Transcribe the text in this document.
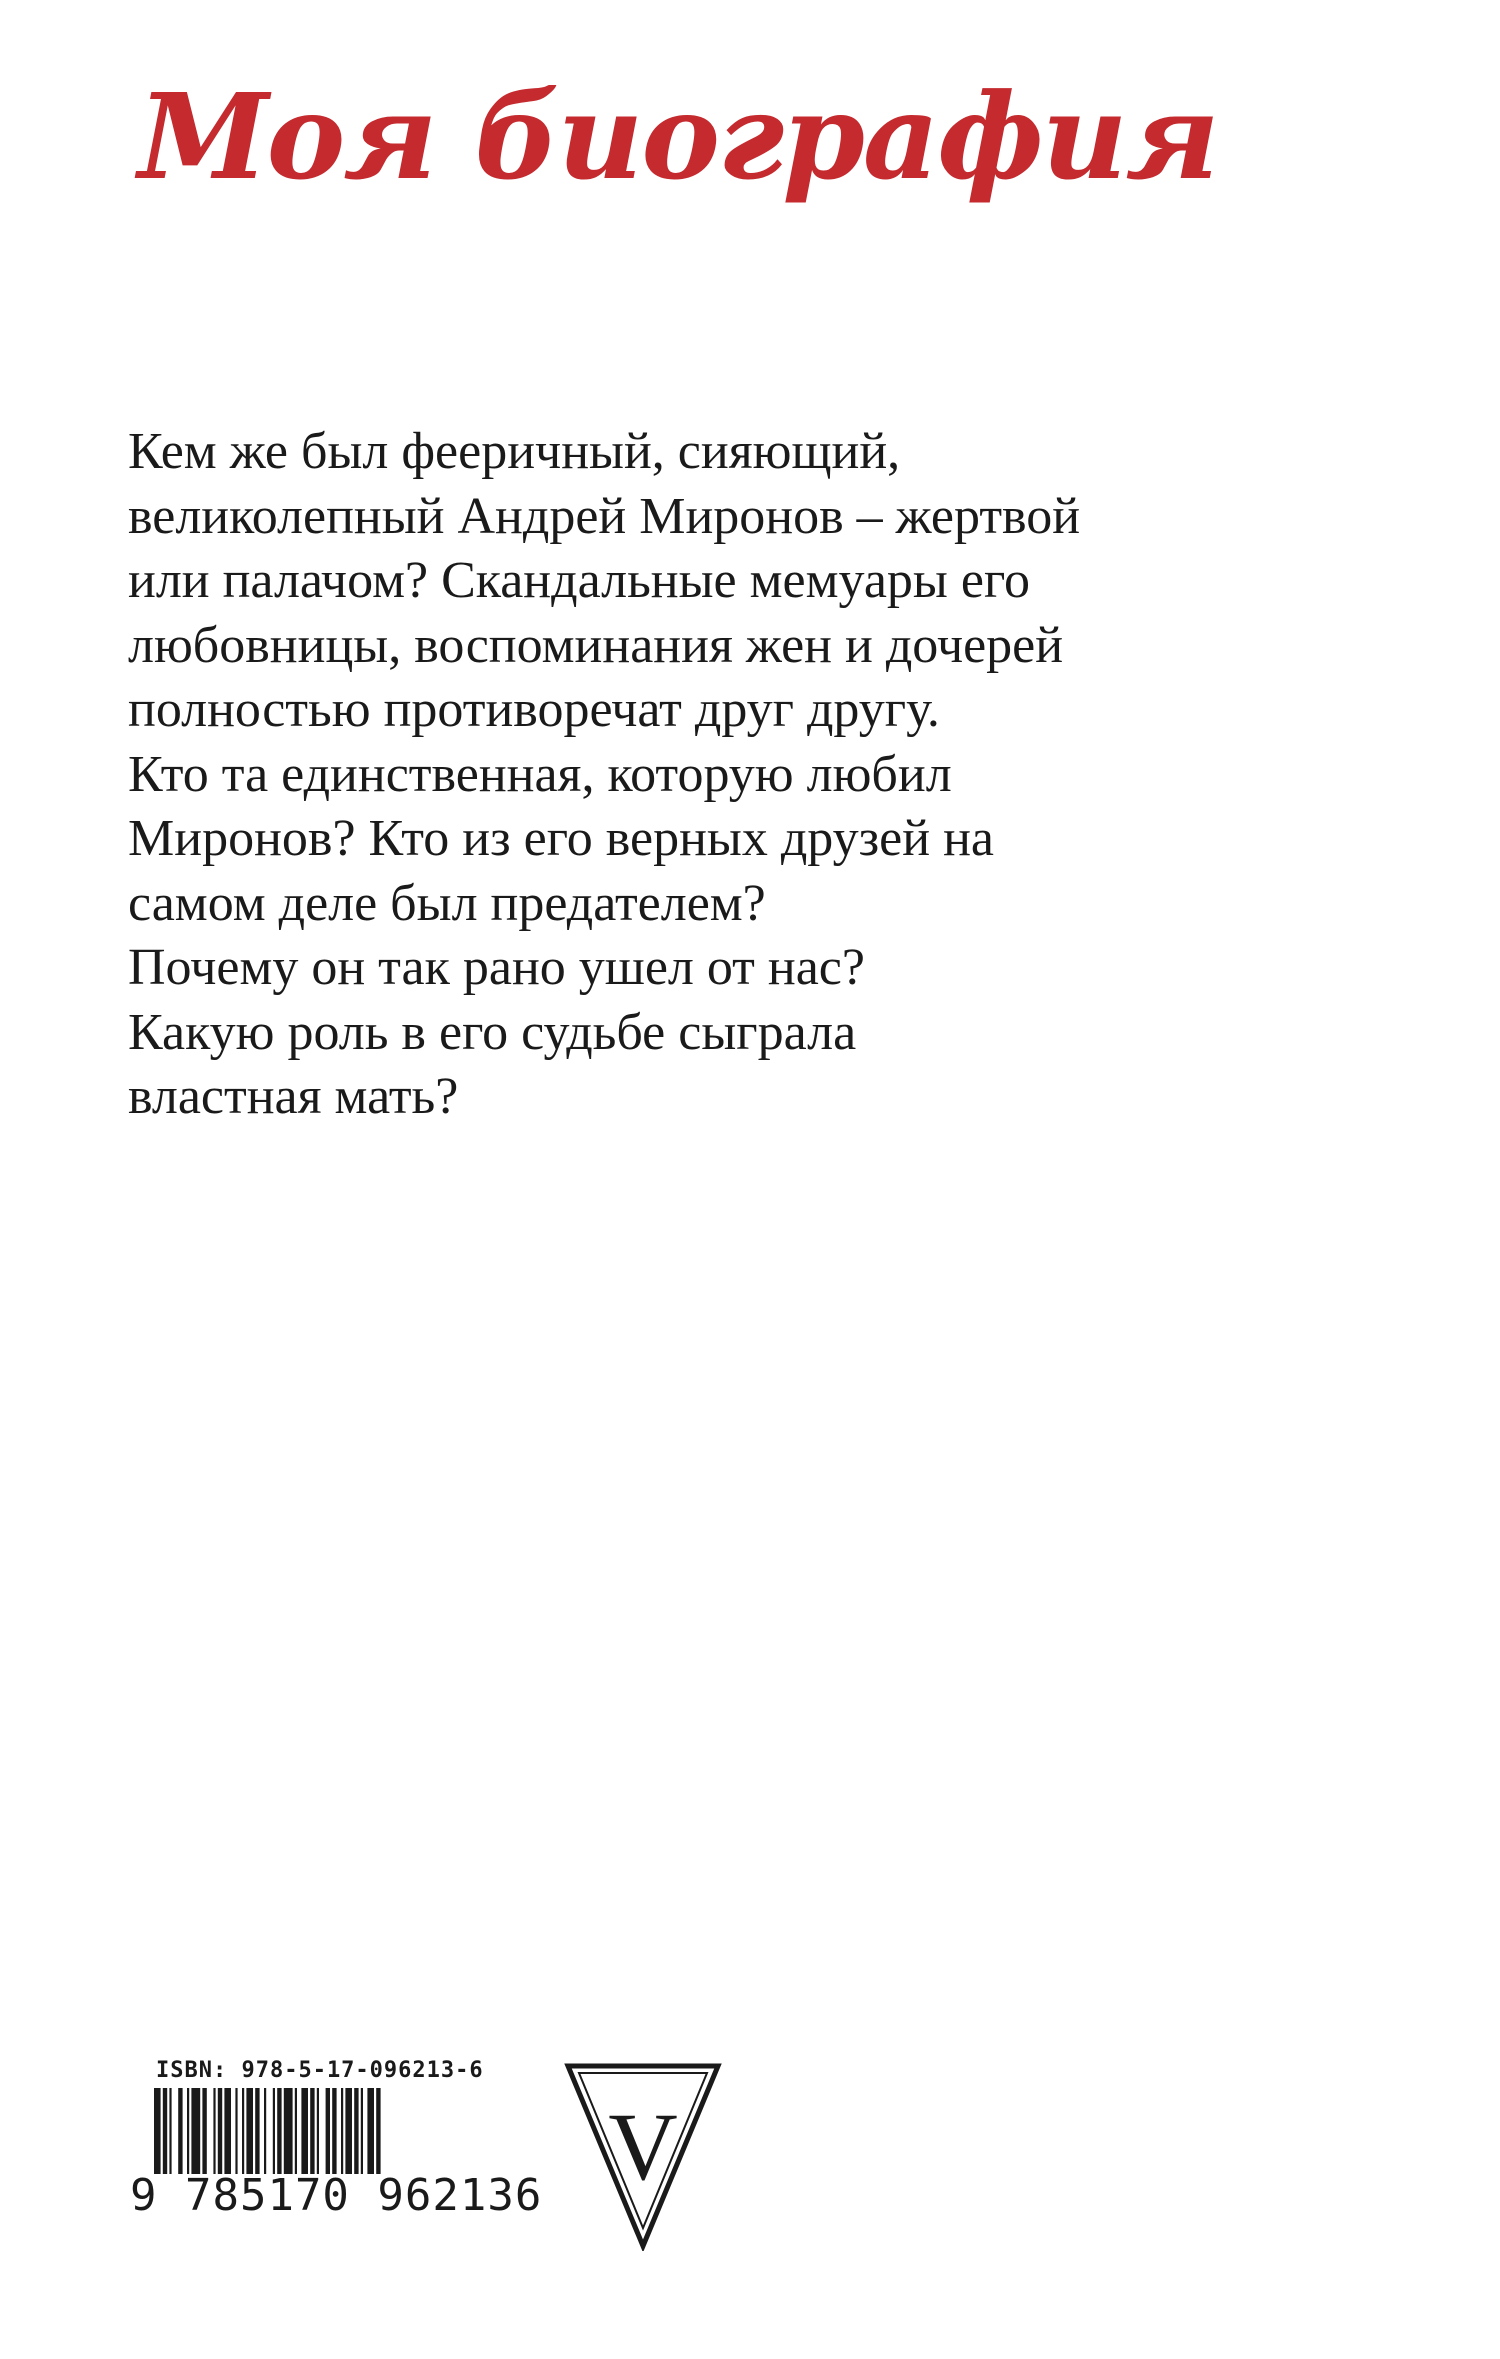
Моя биография
Кем же был фееричный, сияющий,
великолепный Андрей Миронов – жертвой
или палачом? Скандальные мемуары его
любовницы, воспоминания жен и дочерей
полностью противоречат друг другу.
Кто та единственная, которую любил
Миронов? Кто из его верных друзей на
самом деле был предателем?
Почему он так рано ушел от нас?
Какую роль в его судьбе сыграла
властная мать?
ISBN: 978-5-17-096213-6
9 785170 962136 V
